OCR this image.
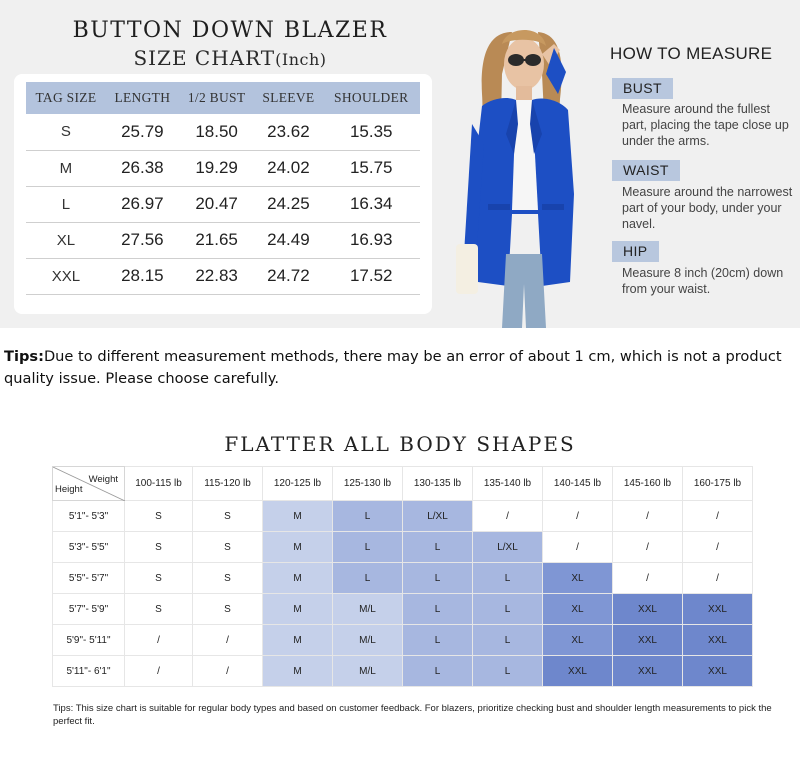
BUTTON DOWN BLAZER
SIZE CHART(Inch)
TAG SIZE	LENGTH	1/2 BUST	SLEEVE	SHOULDER
S	25.79	18.50	23.62	15.35
M	26.38	19.29	24.02	15.75
L	26.97	20.47	24.25	16.34
XL	27.56	21.65	24.49	16.93
XXL	28.15	22.83	24.72	17.52
HOW TO MEASURE
BUST
Measure around the fullest part, placing the tape close up under the arms.
WAIST
Measure around the narrowest part of your body, under your navel.
HIP
Measure 8 inch (20cm) down from your waist.
Tips:Due to different measurement methods, there may be an error of about 1 cm, which is not a product quality issue. Please choose carefully.
FLATTER ALL BODY SHAPES
Weight
Height	100-115 lb	115-120 lb	120-125 lb	125-130 lb	130-135 lb	135-140 lb	140-145 lb	145-160 lb	160-175 lb
5'1"- 5'3"	S	S	M	L	L/XL	/	/	/	/
5'3"- 5'5"	S	S	M	L	L	L/XL	/	/	/
5'5"- 5'7"	S	S	M	L	L	L	XL	/	/
5'7"- 5'9"	S	S	M	M/L	L	L	XL	XXL	XXL
5'9"- 5'11"	/	/	M	M/L	L	L	XL	XXL	XXL
5'11"- 6'1"	/	/	M	M/L	L	L	XXL	XXL	XXL
Tips: This size chart is suitable for regular body types and based on customer feedback. For blazers, prioritize checking bust and shoulder length measurements to pick the perfect fit.
